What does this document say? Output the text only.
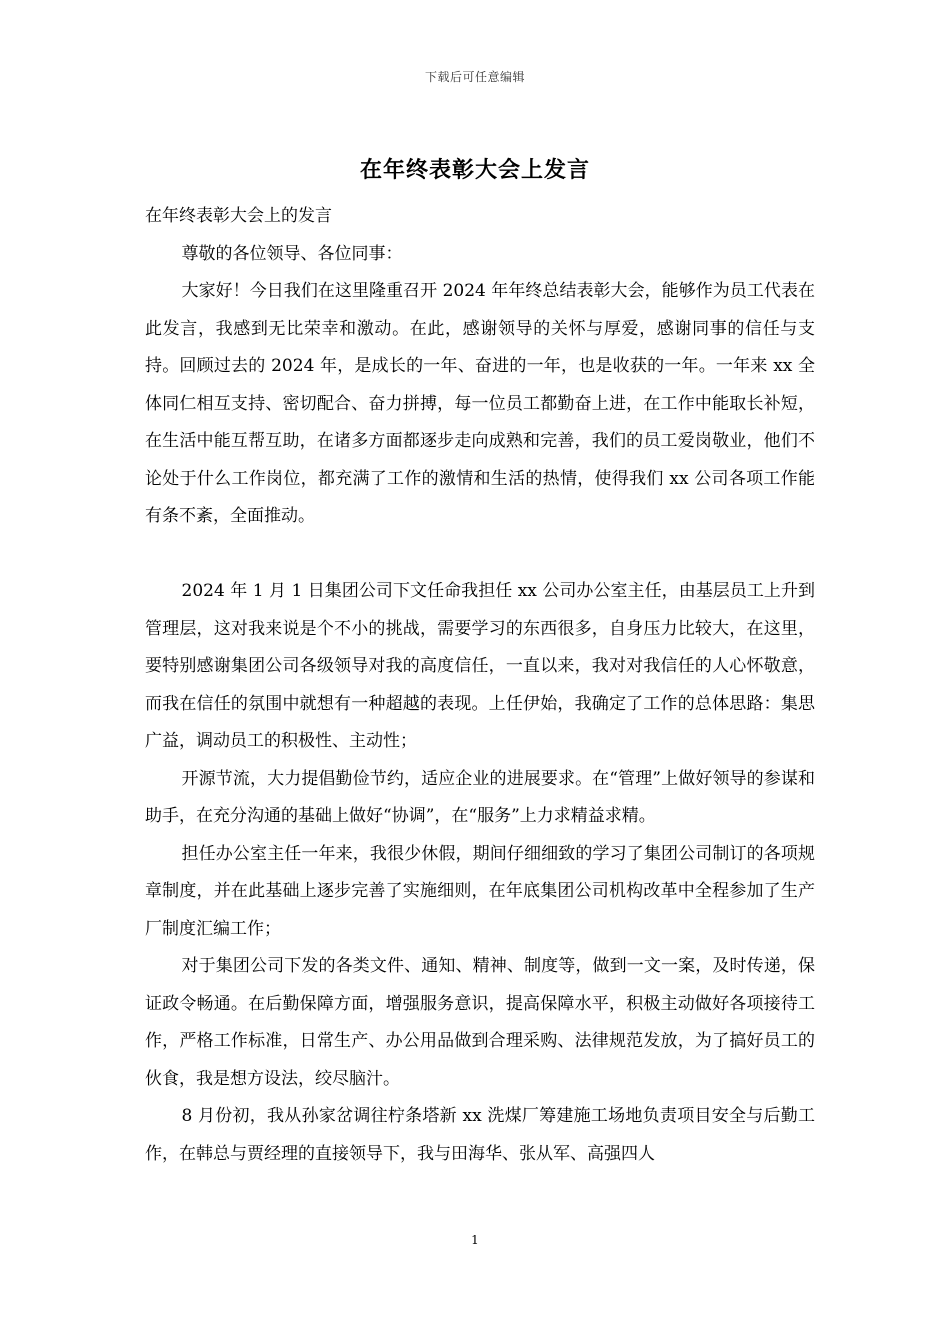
下载后可任意编辑
在年终表彰大会上发言

在年终表彰大会上的发言

尊敬的各位领导、各位同事：

大家好！今日我们在这里隆重召开 2024 年年终总结表彰大会，能够作为员工代表在此发言，我感到无比荣幸和激动。在此，感谢领导的关怀与厚爱，感谢同事的信任与支持。回顾过去的 2024 年，是成长的一年、奋进的一年，也是收获的一年。一年来 xx 全体同仁相互支持、密切配合、奋力拼搏，每一位员工都勤奋上进，在工作中能取长补短，在生活中能互帮互助，在诸多方面都逐步走向成熟和完善，我们的员工爱岗敬业，他们不论处于什么工作岗位，都充满了工作的激情和生活的热情，使得我们 xx 公司各项工作能有条不紊，全面推动。

2024 年 1 月 1 日集团公司下文任命我担任 xx 公司办公室主任，由基层员工上升到管理层，这对我来说是个不小的挑战，需要学习的东西很多，自身压力比较大，在这里，要特别感谢集团公司各级领导对我的高度信任，一直以来，我对对我信任的人心怀敬意，而我在信任的氛围中就想有一种超越的表现。上任伊始，我确定了工作的总体思路：集思广益，调动员工的积极性、主动性；

开源节流，大力提倡勤俭节约，适应企业的进展要求。在“管理”上做好领导的参谋和助手，在充分沟通的基础上做好“协调”，在“服务”上力求精益求精。

担任办公室主任一年来，我很少休假，期间仔细细致的学习了集团公司制订的各项规章制度，并在此基础上逐步完善了实施细则，在年底集团公司机构改革中全程参加了生产厂制度汇编工作；

对于集团公司下发的各类文件、通知、精神、制度等，做到一文一案，及时传递，保证政令畅通。在后勤保障方面，增强服务意识，提高保障水平，积极主动做好各项接待工作，严格工作标准，日常生产、办公用品做到合理采购、法律规范发放，为了搞好员工的伙食，我是想方设法，绞尽脑汁。

8 月份初，我从孙家岔调往柠条塔新 xx 洗煤厂筹建施工场地负责项目安全与后勤工作，在韩总与贾经理的直接领导下，我与田海华、张从军、高强四人

1
